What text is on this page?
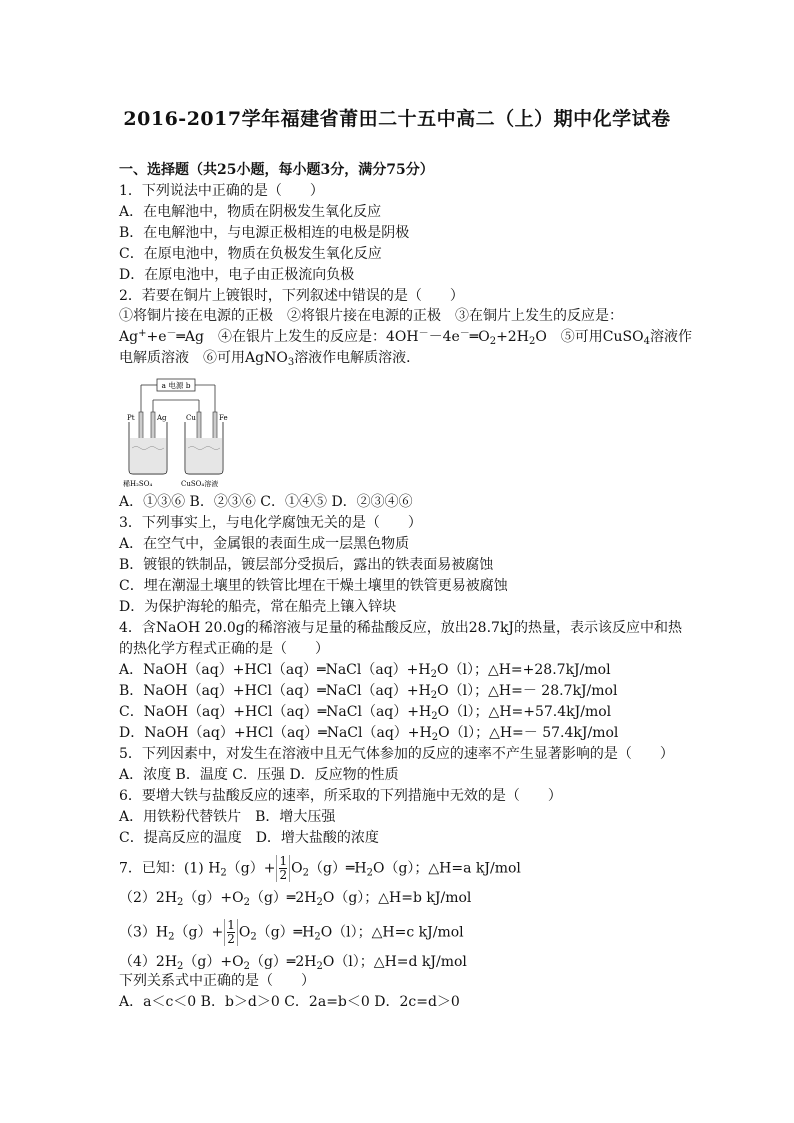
2016-2017学年福建省莆田二十五中高二（上）期中化学试卷
一、选择题（共25小题，每小题3分，满分75分）
1．下列说法中正确的是（　　）
A．在电解池中，物质在阴极发生氧化反应
B．在电解池中，与电源正极相连的电极是阴极
C．在原电池中，物质在负极发生氧化反应
D．在原电池中，电子由正极流向负极
2．若要在铜片上镀银时，下列叙述中错误的是（　　）
①将铜片接在电源的正极　②将银片接在电源的正极　③在铜片上发生的反应是：
Ag++e－═Ag　④在银片上发生的反应是：$4OH^--4e^-═O_2+2H_2O$　⑤可用CuSO$_4$溶液作
电解质溶液　⑥可用AgNO$_3$溶液作电解质溶液．
a 电源 b
Pt	Ag	Cu	Fe
稀H₂SO₄	CuSO₄溶液
A．①③⑥ B．②③⑥ C．①④⑤ D．②③④⑥
3．下列事实上，与电化学腐蚀无关的是（　　）
A．在空气中，金属银的表面生成一层黑色物质
B．镀银的铁制品，镀层部分受损后，露出的铁表面易被腐蚀
C．埋在潮湿土壤里的铁管比埋在干燥土壤里的铁管更易被腐蚀
D．为保护海轮的船壳，常在船壳上镶入锌块
4．含NaOH 20.0g的稀溶液与足量的稀盐酸反应，放出28.7kJ的热量，表示该反应中和热
的热化学方程式正确的是（　　）
A．$NaOH(aq)+HCl(aq)═NaCl(aq)+H_2O(l)$；△H=+28.7kJ/mol
B．$NaOH(aq)+HCl(aq)═NaCl(aq)+H_2O(l)$；△H=－ 28.7kJ/mol
C．$NaOH(aq)+HCl(aq)═NaCl(aq)+H_2O(l)$；△H=+57.4kJ/mol
D．$NaOH(aq)+HCl(aq)═NaCl(aq)+H_2O(l)$；△H=－ 57.4kJ/mol
5．下列因素中，对发生在溶液中且无气体参加的反应的速率不产生显著影响的是（　　）
A．浓度 B．温度 C．压强 D．反应物的性质
6．要增大铁与盐酸反应的速率，所采取的下列措施中无效的是（　　）
A．用铁粉代替铁片　B．增大压强
C．提高反应的温度　D．增大盐酸的浓度
7．已知：(1) $H_2(g)+ \frac{1}{2}$ $O_2(g)═H_2O(g)$；△H=a kJ/mol
$(2)2H_2(g)+O_2(g)═2H_2O(g)$；△H=b kJ/mol
$(3)H_2(g)+ \frac{1}{2}$ $O_2(g)═H_2O(l)$；△H=c kJ/mol
$(4)2H_2(g)+O_2(g)═2H_2O(l)$；△H=d kJ/mol
下列关系式中正确的是（　　）
A．a＜c＜0 B．b＞d＞0 C．2a=b＜0 D．2c=d＞0
